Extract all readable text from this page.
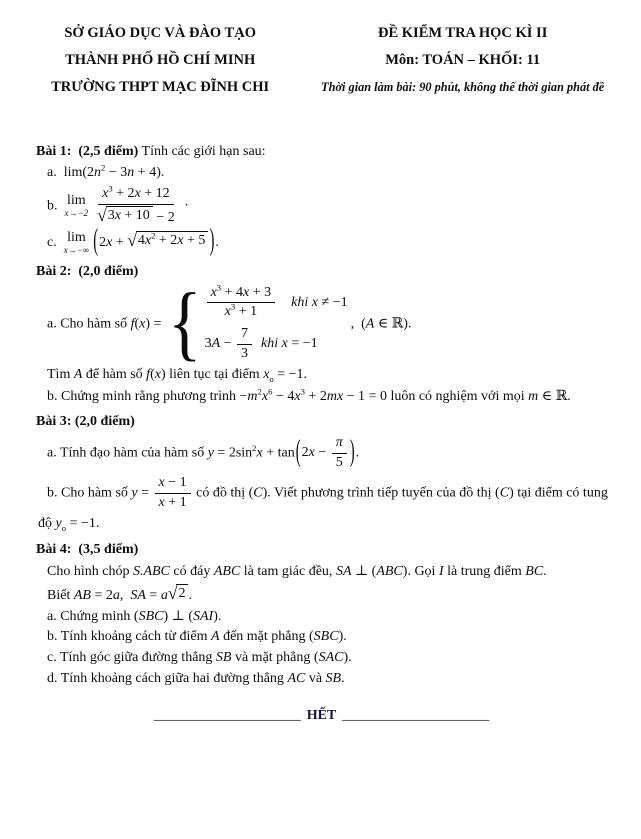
SỞ GIÁO DỤC VÀ ĐÀO TẠO
THÀNH PHỐ HỒ CHÍ MINH
TRƯỜNG THPT MẠC ĐĨNH CHI
ĐỀ KIỂM TRA HỌC KÌ II
Môn: TOÁN – KHỐI: 11
Thời gian làm bài: 90 phút, không thể thời gian phát đề
Bài 1: (2,5 điểm) Tính các giới hạn sau:
a. $\lim(2n^2 - 3n + 4)$.
b.  lim
$x\to-2 \frac{x^3 + 2x + 12}{√ 3x + 10 - 2}$ ·
c.  lim
x→−∞ (2x + √ $4x^2 + 2x + 5$ ).
Bài 2: (2,0 điểm)
a. Cho hàm số f(x) = { $\frac{x^3 + 4x + 3}{x^3 + 1}$
  khi x ≠ −1
3 $A - \frac{7}{3}$  khi x = −1
, (A ∈ ℝ).
Tìm A để hàm số f(x) liên tục tại điểm $x_o = -1$.
b. Chứng minh rằng phương trình $-m^2x^6 - 4x^3 + 2mx - 1 = 0$ luôn có nghiệm với mọi m ∈ ℝ.
Bài 3: (2,0 điểm)
a. Tính đạo hàm của hàm số $y = 2\sin^2x + \tan(2x - \frac{\pi}{5}$ ).
b. Cho hàm số $y = \frac{x - 1}{x + 1}$ có đồ thị (C). Viết phương trình tiếp tuyến của đồ thị (C) tại điểm có tung
độ $y_o = -1$.
Bài 4: (3,5 điểm)
Cho hình chóp S.ABC có đáy ABC là tam giác đều, SA ⊥ (ABC). Gọi I là trung điểm BC.
Biết AB = 2a, SA = a √ 2 .
a. Chứng minh (SBC) ⊥ (SAI).
b. Tính khoảng cách từ điểm A đến mặt phẳng (SBC).
c. Tính góc giữa đường thẳng SB và mặt phẳng (SAC).
d. Tính khoảng cách giữa hai đường thẳng AC và SB.
_____________________ HẾT _____________________
